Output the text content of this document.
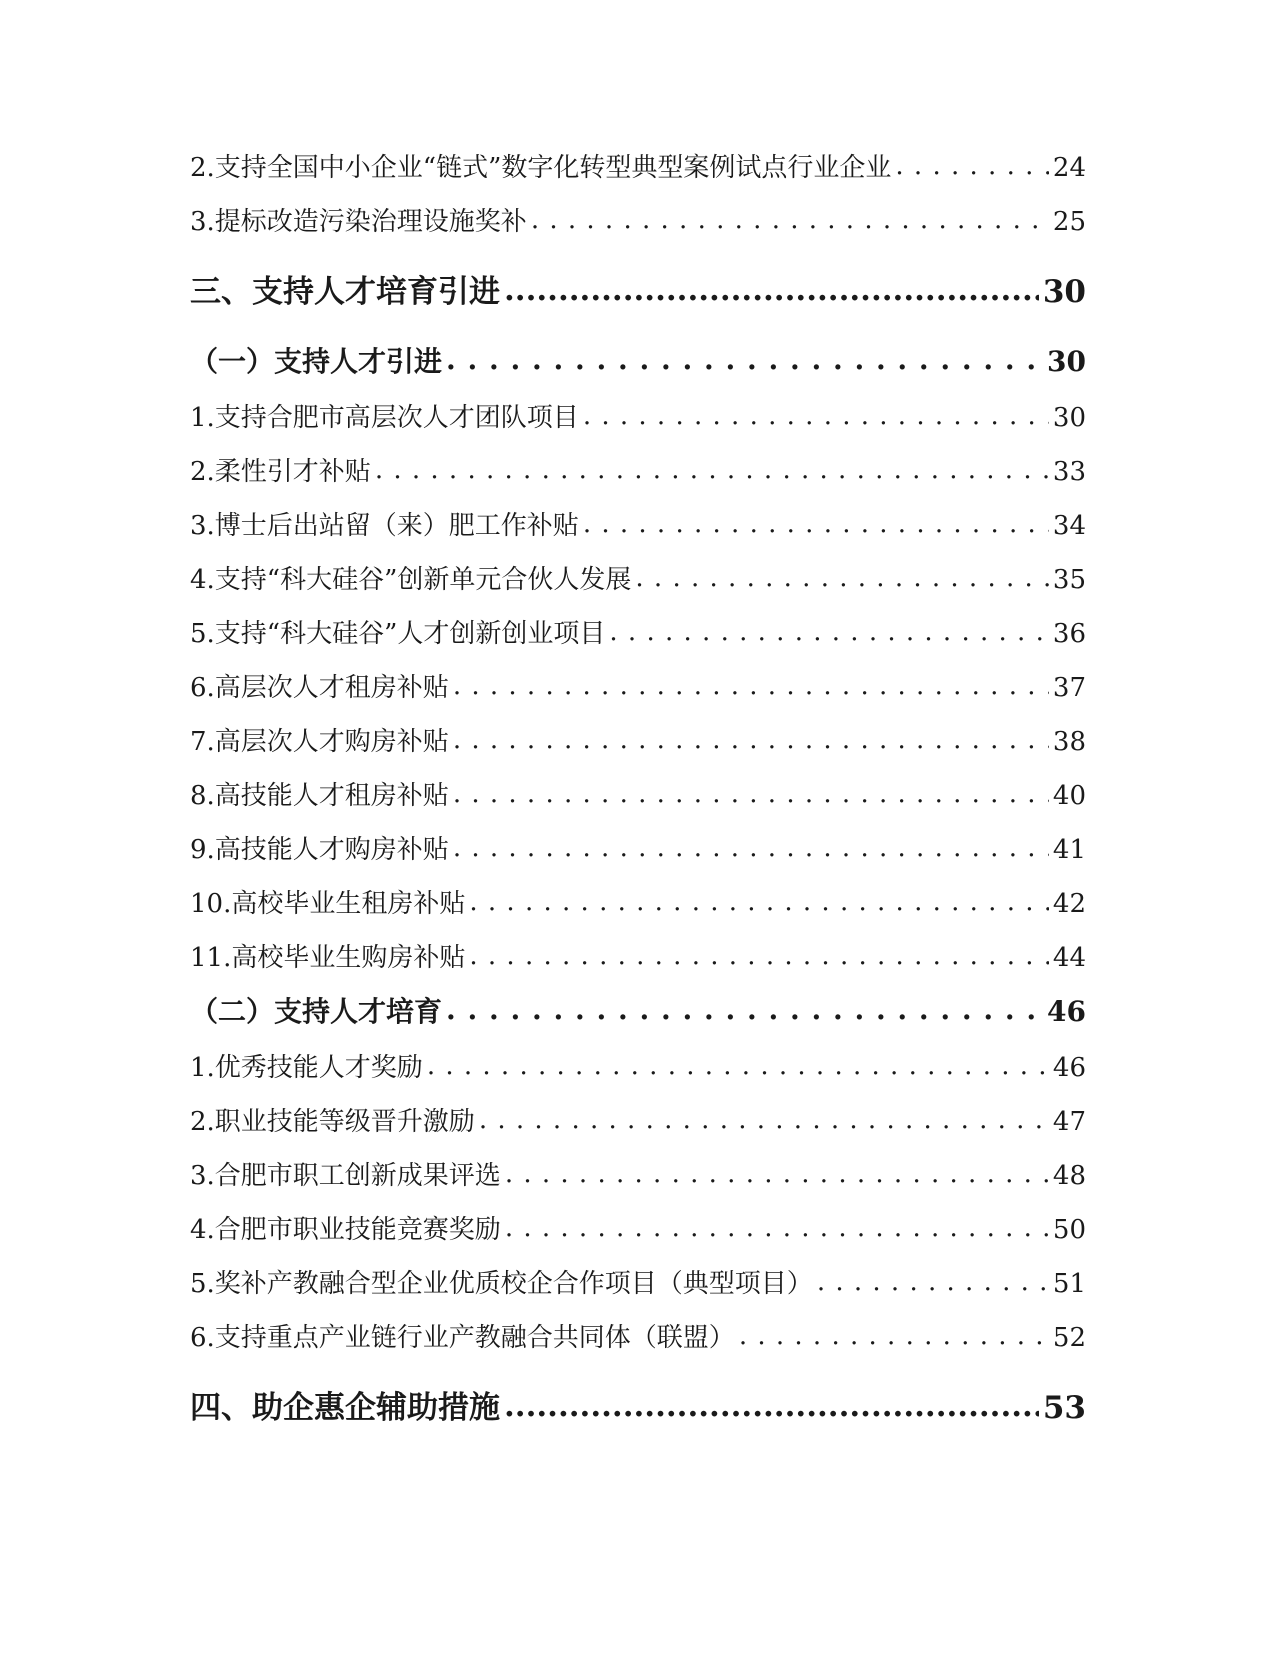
2.支持全国中小企业“链式”数字化转型典型案例试点行业企业 . . .	24
3.提标改造污染治理设施奖补 . . .	25
三、支持人才培育引进 .....	30
（一）支持人才引进 . . .	30
1.支持合肥市高层次人才团队项目 . . .	30
2.柔性引才补贴 . . .	33
3.博士后出站留（来）肥工作补贴 . . .	34
4.支持“科大硅谷”创新单元合伙人发展 . . .	35
5.支持“科大硅谷”人才创新创业项目 . . .	36
6.高层次人才租房补贴 . . .	37
7.高层次人才购房补贴 . . .	38
8.高技能人才租房补贴 . . .	40
9.高技能人才购房补贴 . . .	41
10.高校毕业生租房补贴 . . .	42
11.高校毕业生购房补贴 . . .	44
（二）支持人才培育 . . .	46
1.优秀技能人才奖励 . . .	46
2.职业技能等级晋升激励 . . .	47
3.合肥市职工创新成果评选 . . .	48
4.合肥市职业技能竞赛奖励 . . .	50
5.奖补产教融合型企业优质校企合作项目（典型项目） . . .	51
6.支持重点产业链行业产教融合共同体（联盟） . . .	52
四、助企惠企辅助措施 .....	53
